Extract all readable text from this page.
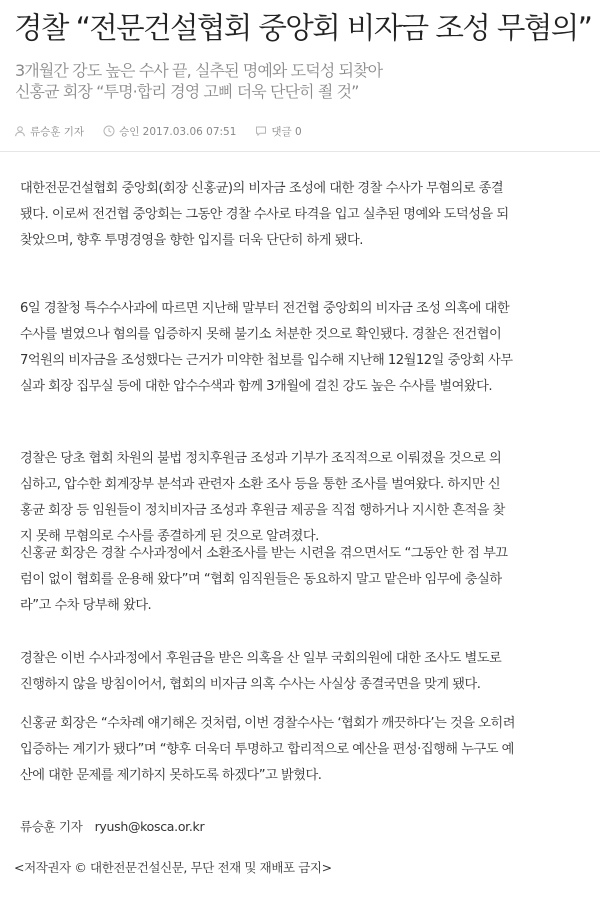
경찰 “전문건설협회 중앙회 비자금 조성 무혐의”
3개월간 강도 높은 수사 끝, 실추된 명예와 도덕성 되찾아
신홍균 회장 “투명·합리 경영 고삐 더욱 단단히 죌 것”
류승훈 기자	승인 2017.03.06 07:51	댓글 0

대한전문건설협회 중앙회(회장 신홍균)의 비자금 조성에 대한 경찰 수사가 무혐의로 종결
됐다. 이로써 전건협 중앙회는 그동안 경찰 수사로 타격을 입고 실추된 명예와 도덕성을 되
찾았으며, 향후 투명경영을 향한 입지를 더욱 단단히 하게 됐다.

6일 경찰청 특수수사과에 따르면 지난해 말부터 전건협 중앙회의 비자금 조성 의혹에 대한
수사를 벌였으나 혐의를 입증하지 못해 불기소 처분한 것으로 확인됐다. 경찰은 전건협이
7억원의 비자금을 조성했다는 근거가 미약한 첩보를 입수해 지난해 12월12일 중앙회 사무
실과 회장 집무실 등에 대한 압수수색과 함께 3개월에 걸친 강도 높은 수사를 벌여왔다.

경찰은 당초 협회 차원의 불법 정치후원금 조성과 기부가 조직적으로 이뤄졌을 것으로 의
심하고, 압수한 회계장부 분석과 관련자 소환 조사 등을 통한 조사를 벌여왔다. 하지만 신
홍균 회장 등 임원들이 정치비자금 조성과 후원금 제공을 직접 행하거나 지시한 흔적을 찾
지 못해 무혐의로 수사를 종결하게 된 것으로 알려졌다.

신홍균 회장은 경찰 수사과정에서 소환조사를 받는 시련을 겪으면서도 “그동안 한 점 부끄
럼이 없이 협회를 운용해 왔다”며 “협회 임직원들은 동요하지 말고 맡은바 임무에 충실하
라”고 수차 당부해 왔다.

경찰은 이번 수사과정에서 후원금을 받은 의혹을 산 일부 국회의원에 대한 조사도 별도로
진행하지 않을 방침이어서, 협회의 비자금 의혹 수사는 사실상 종결국면을 맞게 됐다.

신홍균 회장은 “수차례 얘기해온 것처럼, 이번 경찰수사는 ‘협회가 깨끗하다’는 것을 오히려
입증하는 계기가 됐다”며 “향후 더욱더 투명하고 합리적으로 예산을 편성·집행해 누구도 예
산에 대한 문제를 제기하지 못하도록 하겠다”고 밝혔다.

류승훈 기자 ryush@kosca.or.kr
<저작권자 © 대한전문건설신문, 무단 전재 및 재배포 금지>
